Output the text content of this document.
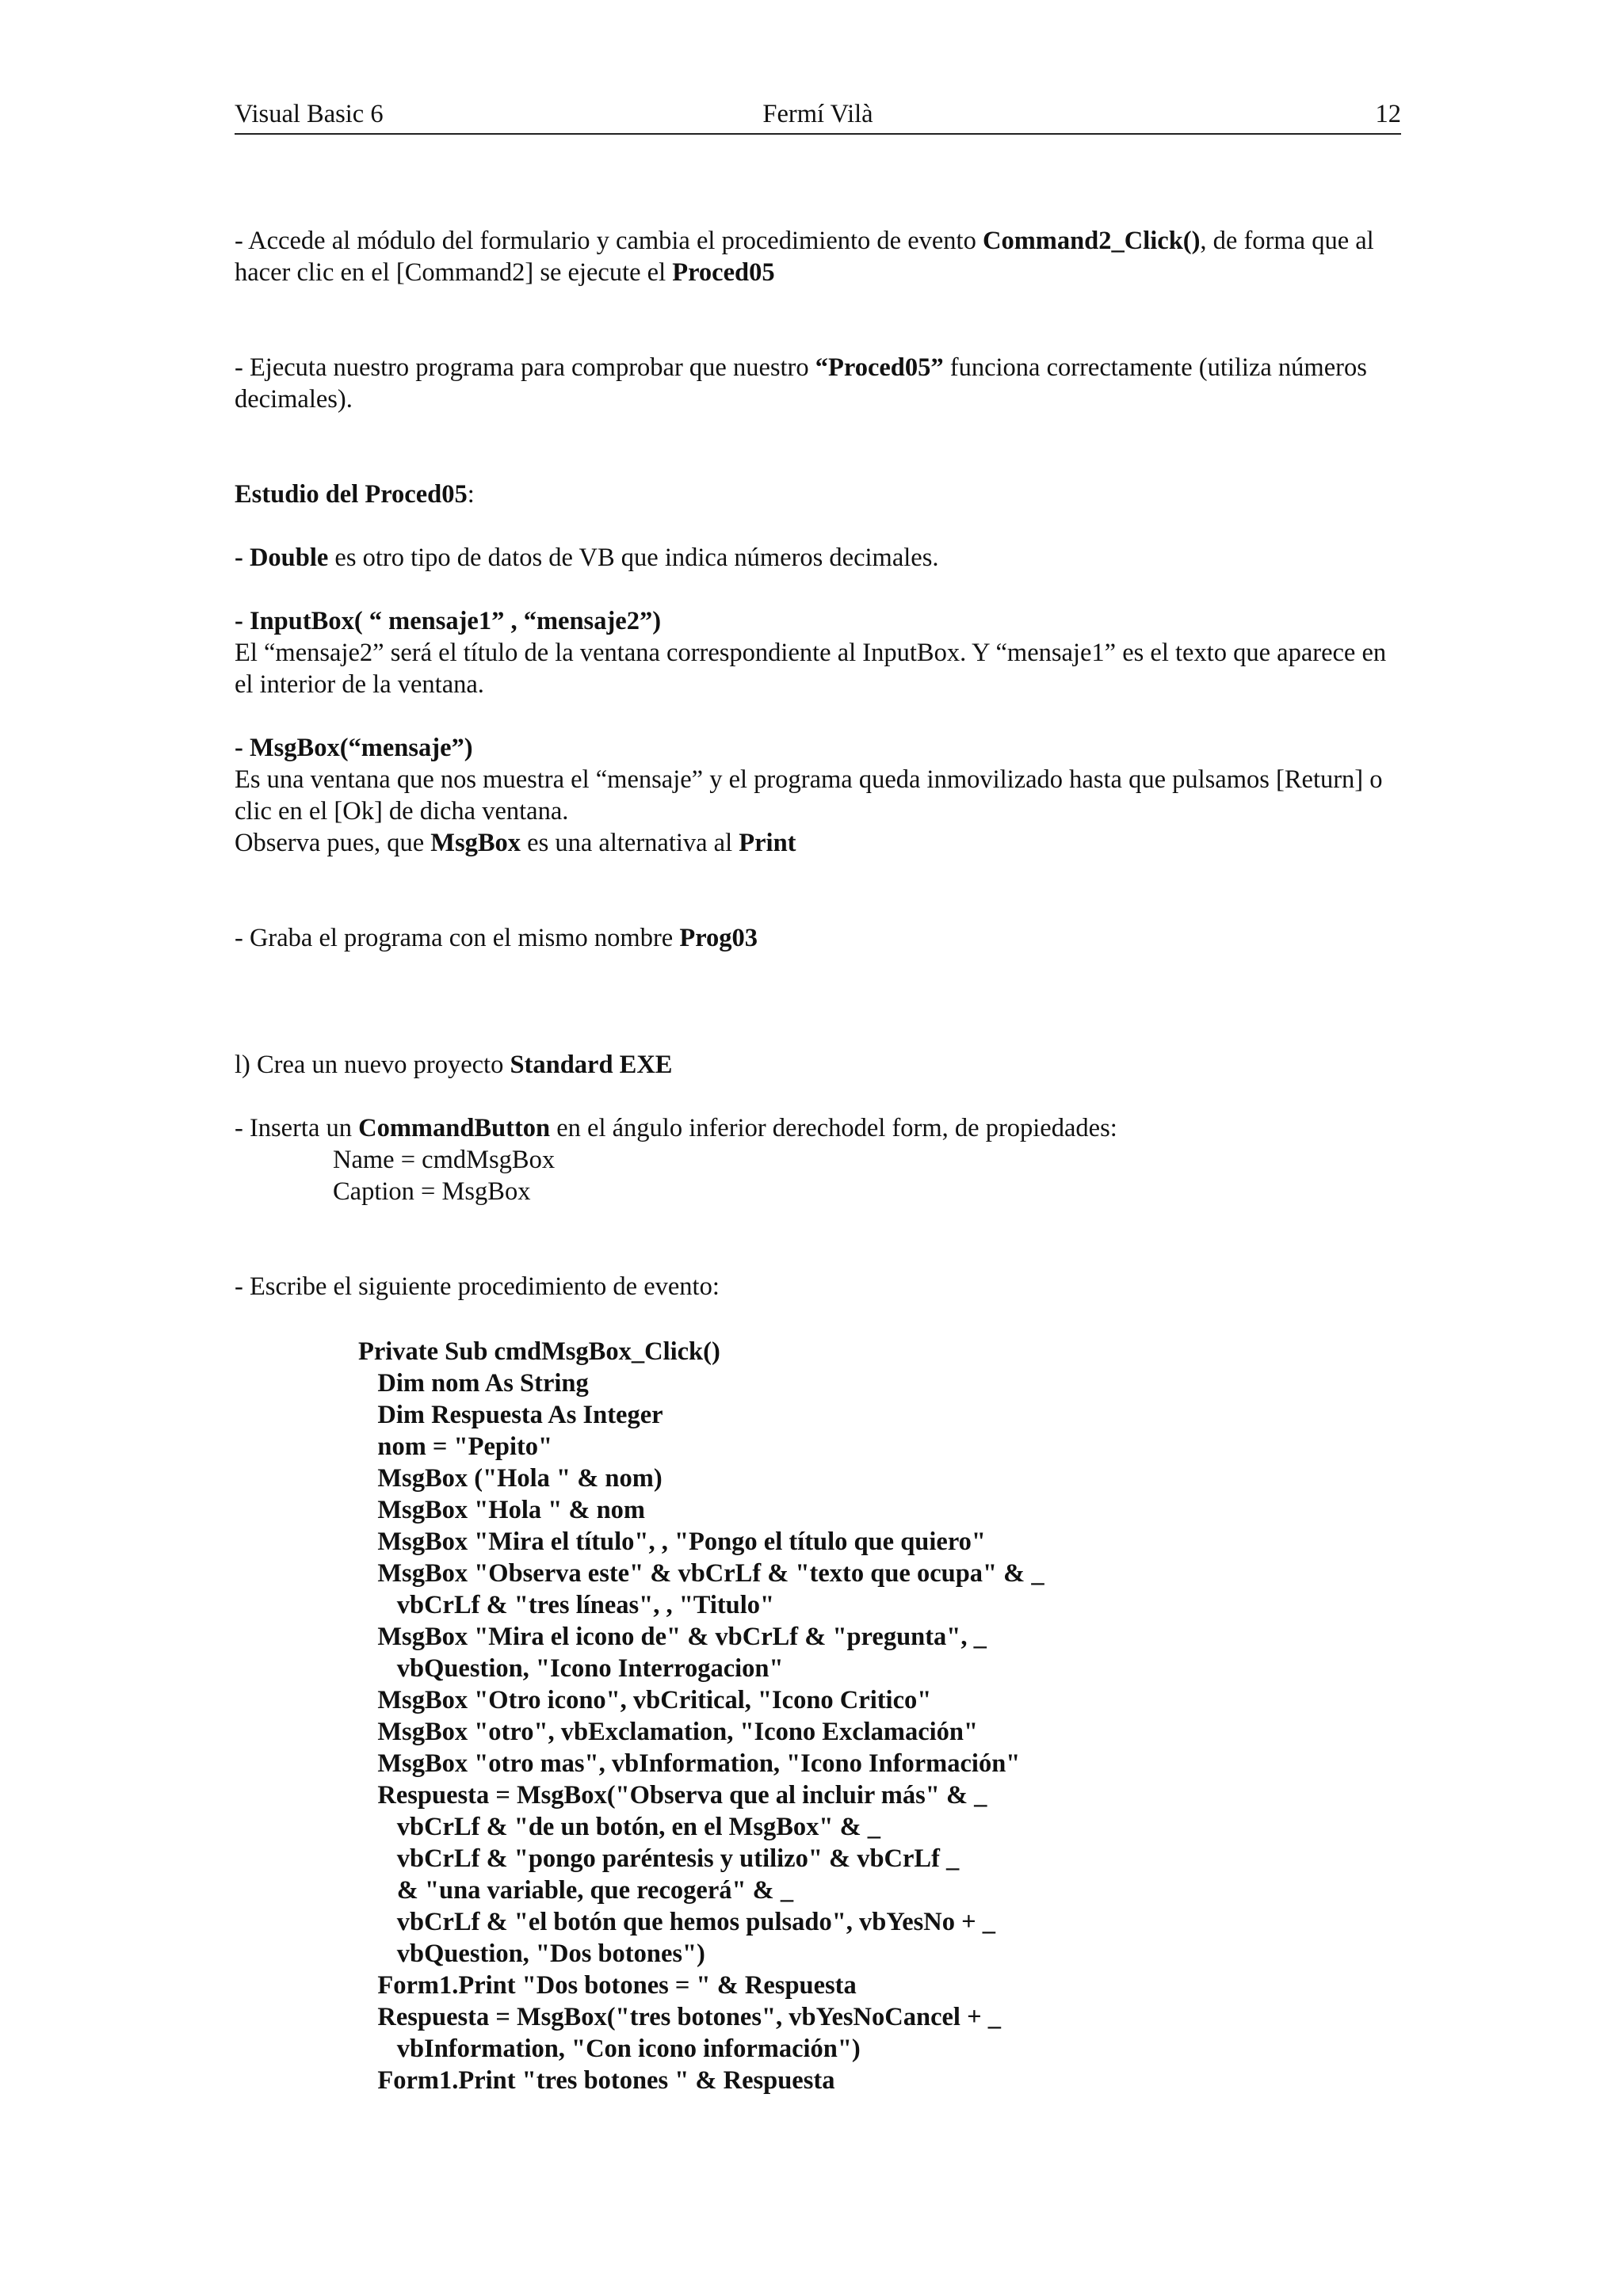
Visual Basic 6	Fermí Vilà	12

- Accede al módulo del formulario y cambia el procedimiento de evento Command2_Click(), de forma que al hacer clic en el [Command2] se ejecute el Proced05

- Ejecuta nuestro programa para comprobar que nuestro “Proced05” funciona correctamente (utiliza números decimales).

Estudio del Proced05:

- Double es otro tipo de datos de VB que indica números decimales.

- InputBox( “ mensaje1” , “mensaje2”)

El “mensaje2” será el título de la ventana correspondiente al InputBox. Y “mensaje1” es el texto que aparece en el interior de la ventana.

- MsgBox(“mensaje”)

Es una ventana que nos muestra el “mensaje” y el programa queda inmovilizado hasta que pulsamos [Return] o clic en el [Ok] de dicha ventana.

Observa pues, que MsgBox es una alternativa al Print

- Graba el programa con el mismo nombre Prog03

l) Crea un nuevo proyecto Standard EXE

- Inserta un CommandButton en el ángulo inferior derechodel form, de propiedades:

Name = cmdMsgBox

Caption = MsgBox

- Escribe el siguiente procedimiento de evento:

Private Sub cmdMsgBox_Click()
Dim nom As String
Dim Respuesta As Integer
nom = "Pepito"
MsgBox ("Hola " & nom)
MsgBox "Hola " & nom
MsgBox "Mira el título", , "Pongo el título que quiero"
MsgBox "Observa este" & vbCrLf & "texto que ocupa" & _
vbCrLf & "tres líneas", , "Titulo"
MsgBox "Mira el icono de" & vbCrLf & "pregunta", _
vbQuestion, "Icono Interrogacion"
MsgBox "Otro icono", vbCritical, "Icono Critico"
MsgBox "otro", vbExclamation, "Icono Exclamación"
MsgBox "otro mas", vbInformation, "Icono Información"
Respuesta = MsgBox("Observa que al incluir más" & _
vbCrLf & "de un botón, en el MsgBox" & _
vbCrLf & "pongo paréntesis y utilizo" & vbCrLf _
& "una variable, que recogerá" & _
vbCrLf & "el botón que hemos pulsado", vbYesNo + _
vbQuestion, "Dos botones")
Form1.Print "Dos botones = " & Respuesta
Respuesta = MsgBox("tres botones", vbYesNoCancel + _
vbInformation, "Con icono información")
Form1.Print "tres botones " & Respuesta
